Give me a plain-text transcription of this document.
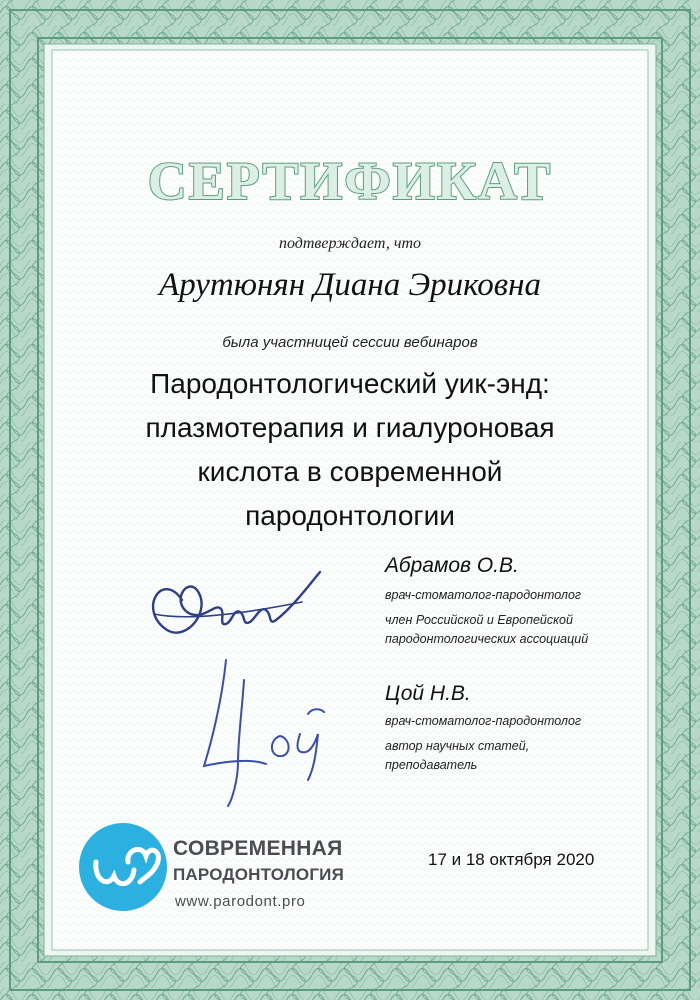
СЕРТИФИКАТ
подтверждает, что
Арутюнян Диана Эриковна
была участницей сессии вебинаров
Пародонтологический уик-энд:
плазмотерапия и гиалуроновая
кислота в современной
пародонтологии
Абрамов О.В.
врач-стоматолог-пародонтолог
член Российской и Европейской
пародонтологических ассоциаций
Цой Н.В.
врач-стоматолог-пародонтолог
автор научных статей,
преподаватель
СОВРЕМЕННАЯ
ПАРОДОНТОЛОГИЯ
www.parodont.pro
17 и 18 октября 2020
